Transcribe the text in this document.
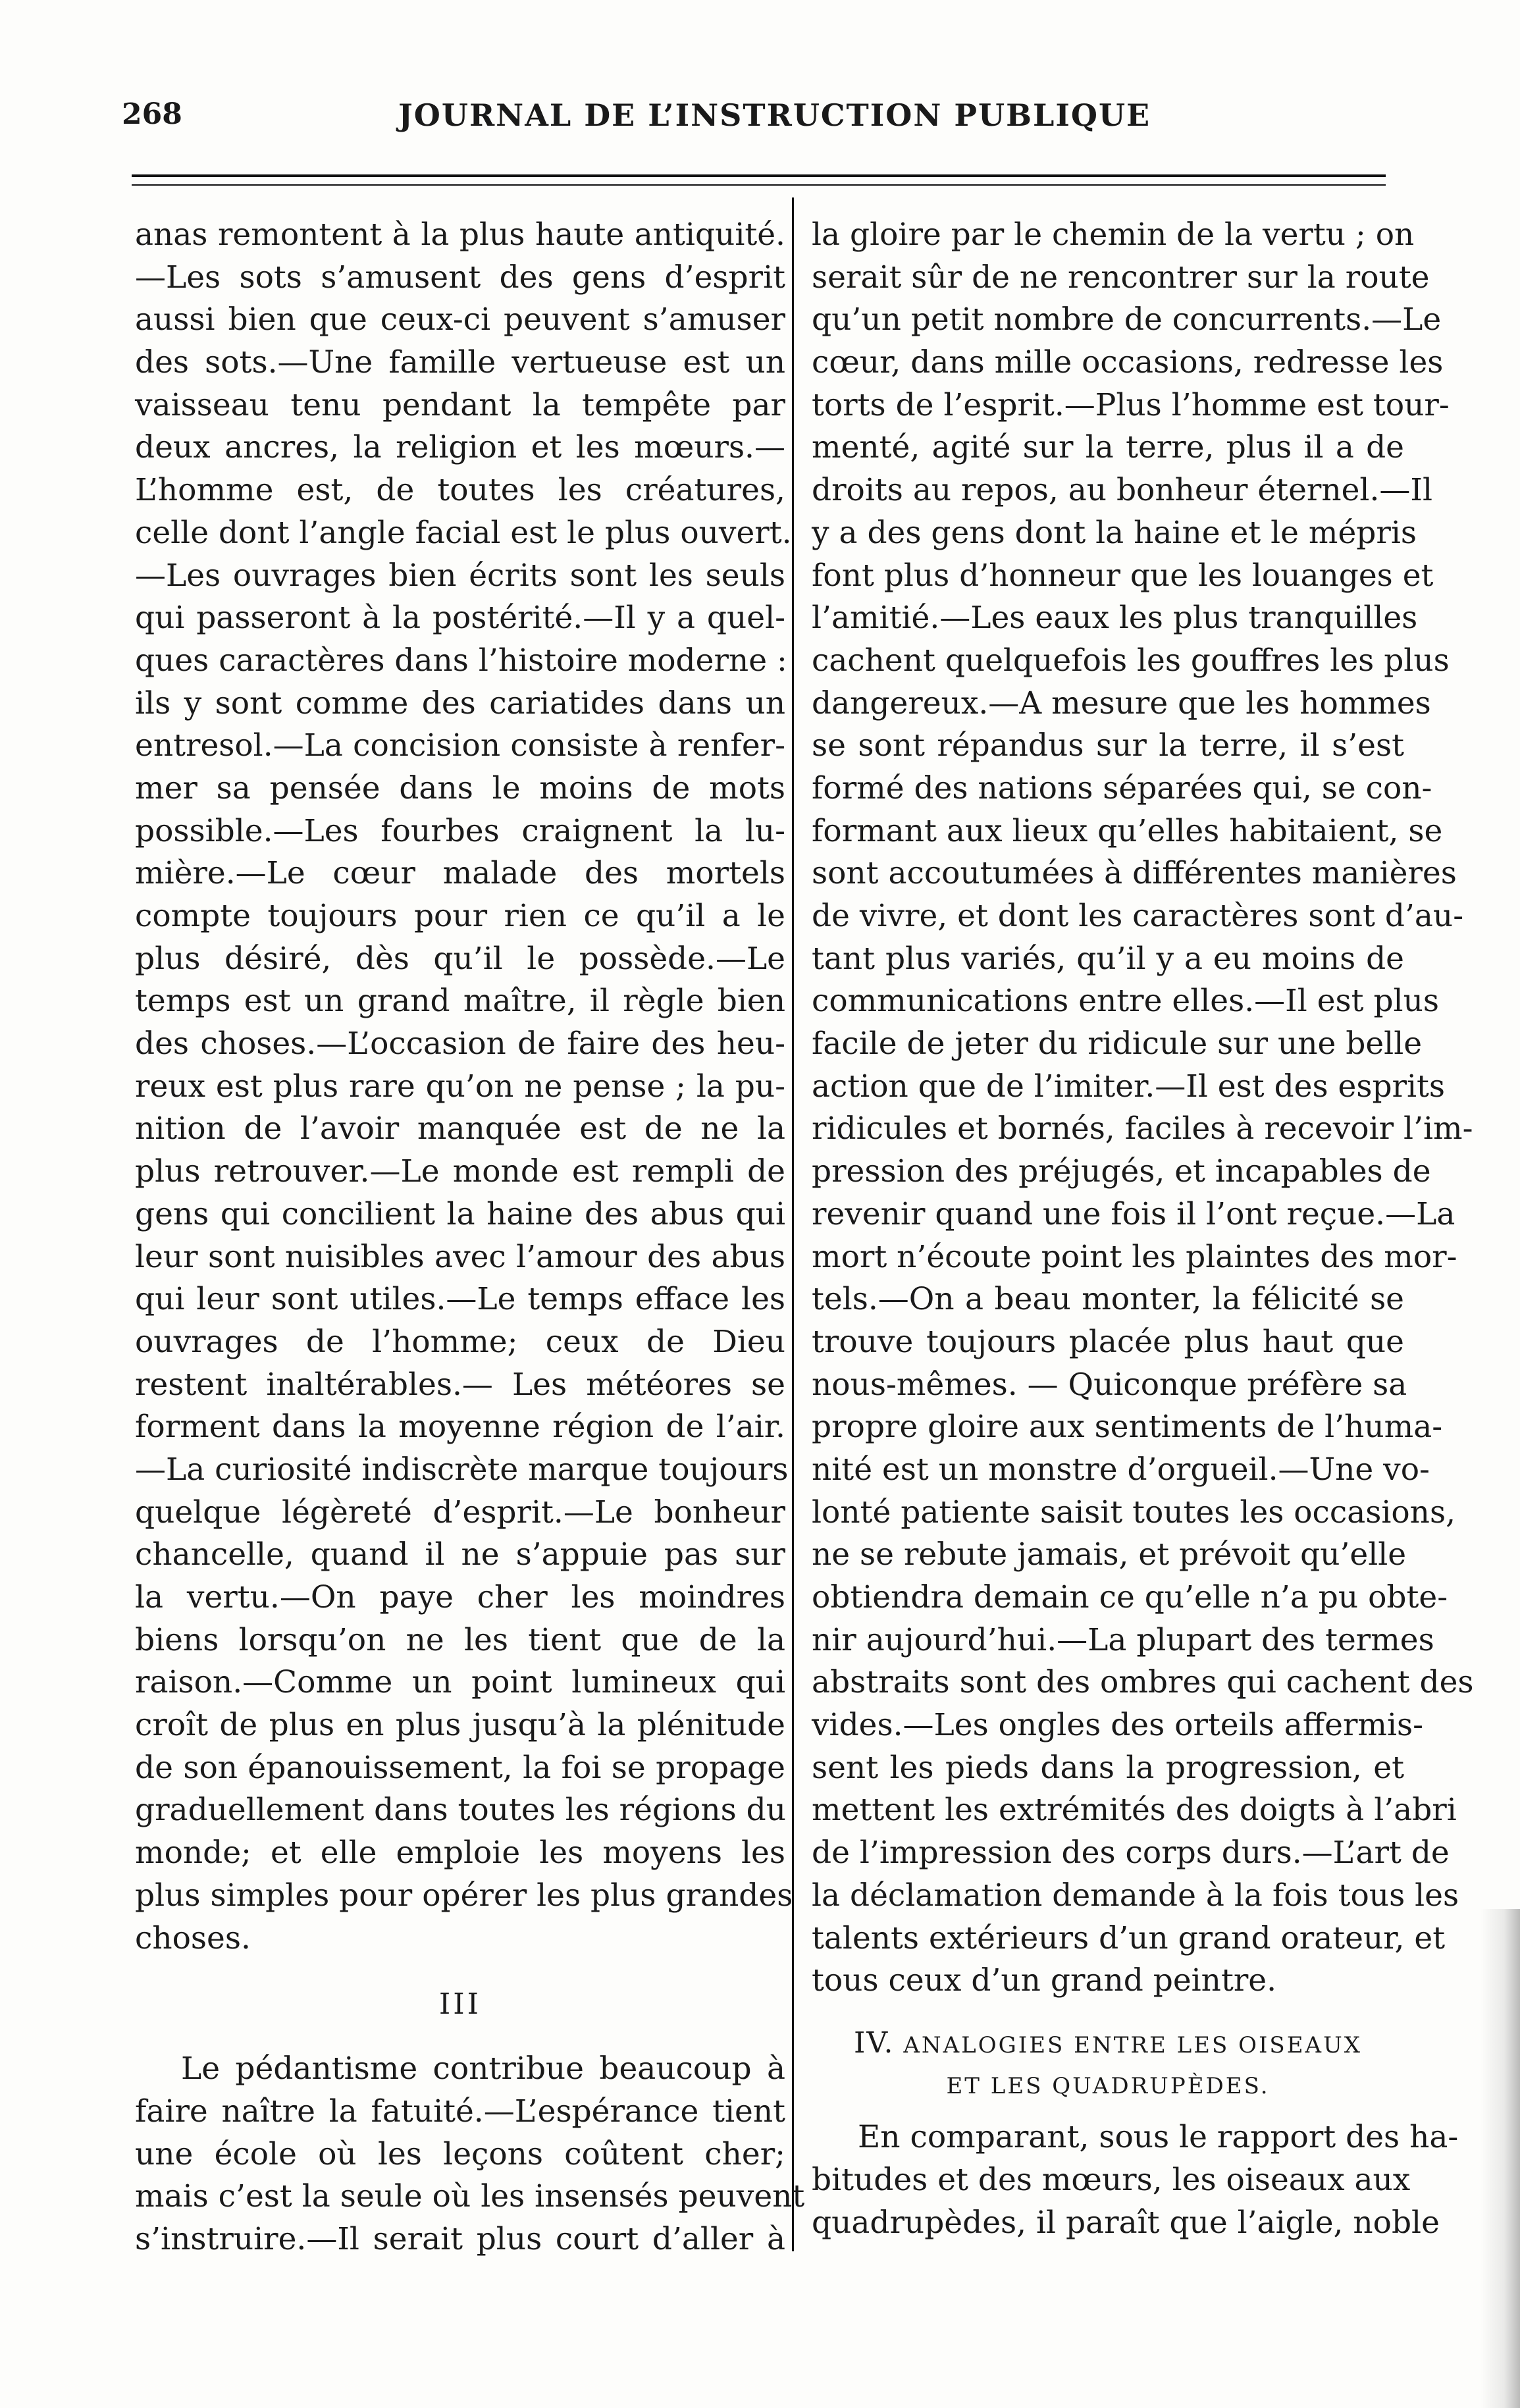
268	JOURNAL DE L’INSTRUCTION PUBLIQUE
anas remontent à la plus haute antiquité.
—Les sots s’amusent des gens d’esprit
aussi bien que ceux-ci peuvent s’amuser
des sots.—Une famille vertueuse est un
vaisseau tenu pendant la tempête par
deux ancres, la religion et les mœurs.—
L’homme est, de toutes les créatures,
celle dont l’angle facial est le plus ouvert.
—Les ouvrages bien écrits sont les seuls
qui passeront à la postérité.—Il y a quel-
ques caractères dans l’histoire moderne :
ils y sont comme des cariatides dans un
entresol.—La concision consiste à renfer-
mer sa pensée dans le moins de mots
possible.—Les fourbes craignent la lu-
mière.—Le cœur malade des mortels
compte toujours pour rien ce qu’il a le
plus désiré, dès qu’il le possède.—Le
temps est un grand maître, il règle bien
des choses.—L’occasion de faire des heu-
reux est plus rare qu’on ne pense ; la pu-
nition de l’avoir manquée est de ne la
plus retrouver.—Le monde est rempli de
gens qui concilient la haine des abus qui
leur sont nuisibles avec l’amour des abus
qui leur sont utiles.—Le temps efface les
ouvrages de l’homme; ceux de Dieu
restent inaltérables.— Les météores se
forment dans la moyenne région de l’air.
—La curiosité indiscrète marque toujours
quelque légèreté d’esprit.—Le bonheur
chancelle, quand il ne s’appuie pas sur
la vertu.—On paye cher les moindres
biens lorsqu’on ne les tient que de la
raison.—Comme un point lumineux qui
croît de plus en plus jusqu’à la plénitude
de son épanouissement, la foi se propage
graduellement dans toutes les régions du
monde; et elle emploie les moyens les
plus simples pour opérer les plus grandes
choses.
III
Le pédantisme contribue beaucoup à
faire naître la fatuité.—L’espérance tient
une école où les leçons coûtent cher;
mais c’est la seule où les insensés peuvent
s’instruire.—Il serait plus court d’aller à
la gloire par le chemin de la vertu ; on
serait sûr de ne rencontrer sur la route
qu’un petit nombre de concurrents.—Le
cœur, dans mille occasions, redresse les
torts de l’esprit.—Plus l’homme est tour-
menté, agité sur la terre, plus il a de
droits au repos, au bonheur éternel.—Il
y a des gens dont la haine et le mépris
font plus d’honneur que les louanges et
l’amitié.—Les eaux les plus tranquilles
cachent quelquefois les gouffres les plus
dangereux.—A mesure que les hommes
se sont répandus sur la terre, il s’est
formé des nations séparées qui, se con-
formant aux lieux qu’elles habitaient, se
sont accoutumées à différentes manières
de vivre, et dont les caractères sont d’au-
tant plus variés, qu’il y a eu moins de
communications entre elles.—Il est plus
facile de jeter du ridicule sur une belle
action que de l’imiter.—Il est des esprits
ridicules et bornés, faciles à recevoir l’im-
pression des préjugés, et incapables de
revenir quand une fois il l’ont reçue.—La
mort n’écoute point les plaintes des mor-
tels.—On a beau monter, la félicité se
trouve toujours placée plus haut que
nous-mêmes. — Quiconque préfère sa
propre gloire aux sentiments de l’huma-
nité est un monstre d’orgueil.—Une vo-
lonté patiente saisit toutes les occasions,
ne se rebute jamais, et prévoit qu’elle
obtiendra demain ce qu’elle n’a pu obte-
nir aujourd’hui.—La plupart des termes
abstraits sont des ombres qui cachent des
vides.—Les ongles des orteils affermis-
sent les pieds dans la progression, et
mettent les extrémités des doigts à l’abri
de l’impression des corps durs.—L’art de
la déclamation demande à la fois tous les
talents extérieurs d’un grand orateur, et
tous ceux d’un grand peintre.
IV. ANALOGIES ENTRE LES OISEAUX
ET LES QUADRUPÈDES.
En comparant, sous le rapport des ha-
bitudes et des mœurs, les oiseaux aux
quadrupèdes, il paraît que l’aigle, noble
